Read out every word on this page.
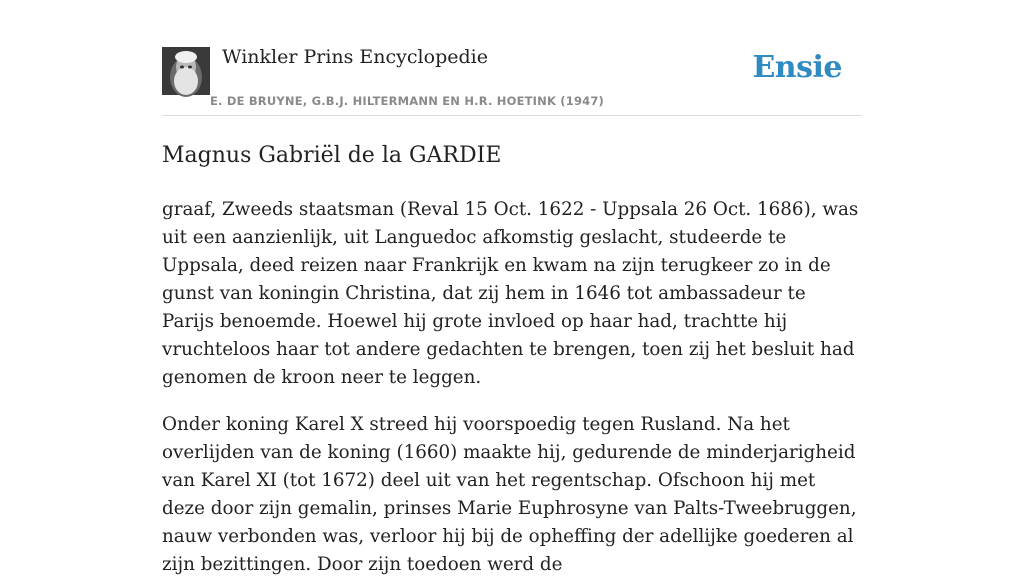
Winkler Prins Encyclopedie
E. DE BRUYNE, G.B.J. HILTERMANN EN H.R. HOETINK (1947)
Ensie
Magnus Gabriël de la GARDIE

graaf, Zweeds staatsman (Reval 15 Oct. 1622 - Uppsala 26 Oct. 1686), was uit een aanzienlijk, uit Languedoc afkomstig geslacht, studeerde te Uppsala, deed reizen naar Frankrijk en kwam na zijn terugkeer zo in de gunst van koningin Christina, dat zij hem in 1646 tot ambassadeur te Parijs benoemde. Hoewel hij grote invloed op haar had, trachtte hij vruchteloos haar tot andere gedachten te brengen, toen zij het besluit had genomen de kroon neer te leggen.

Onder koning Karel X streed hij voorspoedig tegen Rusland. Na het overlijden van de koning (1660) maakte hij, gedurende de minderjarigheid van Karel XI (tot 1672) deel uit van het regentschap. Ofschoon hij met deze door zijn gemalin, prinses Marie Euphrosyne van Palts-Tweebruggen, nauw verbonden was, verloor hij bij de opheffing der adellijke goederen al zijn bezittingen. Door zijn toedoen werd de
